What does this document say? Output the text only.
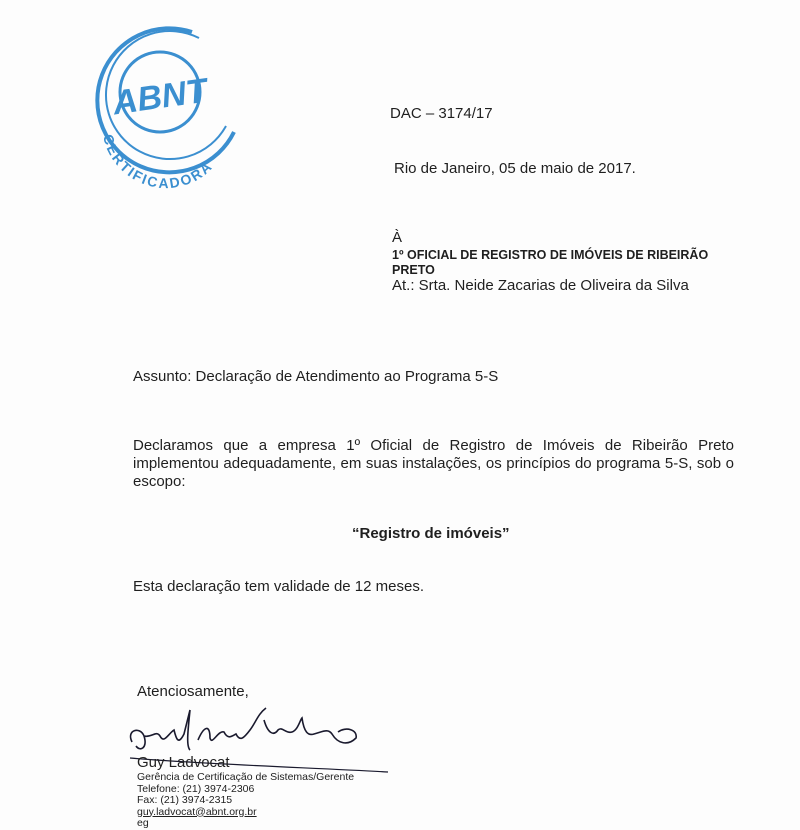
ABNT
CERTIFICADORA

DAC – 3174/17

Rio de Janeiro, 05 de maio de 2017.

À

1º OFICIAL DE REGISTRO DE IMÓVEIS DE RIBEIRÃO PRETO

At.: Srta. Neide Zacarias de Oliveira da Silva

Assunto: Declaração de Atendimento ao Programa 5-S

Declaramos que a empresa 1º Oficial de Registro de Imóveis de Ribeirão Preto implementou adequadamente, em suas instalações, os princípios do programa 5-S, sob o escopo:

“Registro de imóveis”

Esta declaração tem validade de 12 meses.

Atenciosamente,

Guy Ladvocat

Gerência de Certificação de Sistemas/Gerente
Telefone: (21) 3974-2306
Fax: (21) 3974-2315
guy.ladvocat@abnt.org.br
eg
